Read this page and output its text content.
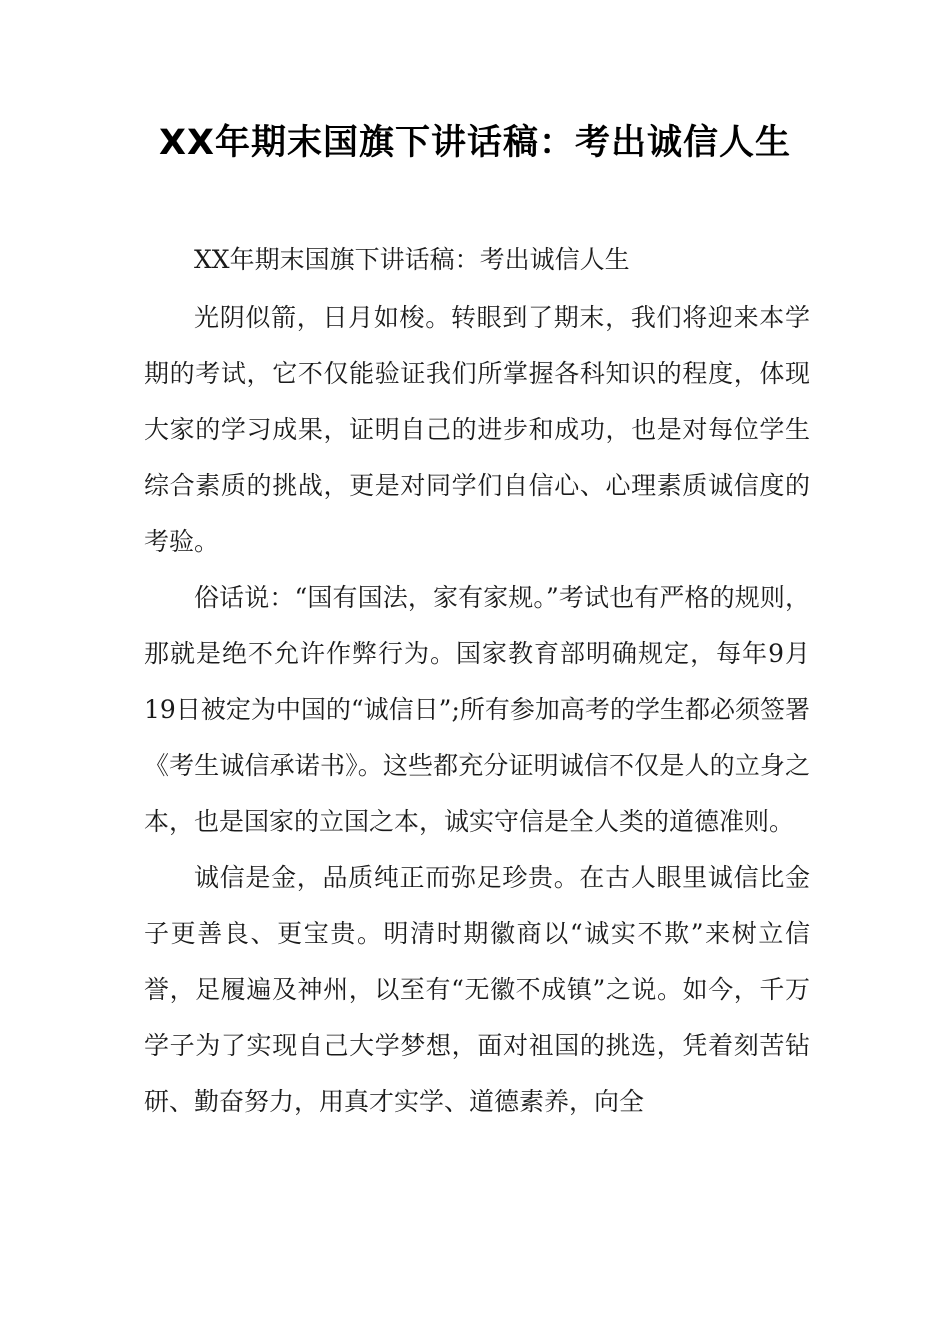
XX年期末国旗下讲话稿：考出诚信人生

XX年期末国旗下讲话稿：考出诚信人生

光阴似箭，日月如梭。转眼到了期末，我们将迎来本学期的考试，它不仅能验证我们所掌握各科知识的程度，体现大家的学习成果，证明自己的进步和成功，也是对每位学生综合素质的挑战，更是对同学们自信心、心理素质诚信度的考验。

俗话说：“国有国法，家有家规。”考试也有严格的规则，那就是绝不允许作弊行为。国家教育部明确规定，每年9月19日被定为中国的“诚信日”;所有参加高考的学生都必须签署《考生诚信承诺书》。这些都充分证明诚信不仅是人的立身之本，也是国家的立国之本，诚实守信是全人类的道德准则。

诚信是金，品质纯正而弥足珍贵。在古人眼里诚信比金子更善良、更宝贵。明清时期徽商以“诚实不欺”来树立信誉，足履遍及神州，以至有“无徽不成镇”之说。如今，千万学子为了实现自己大学梦想，面对祖国的挑选，凭着刻苦钻研、勤奋努力，用真才实学、道德素养，向全
